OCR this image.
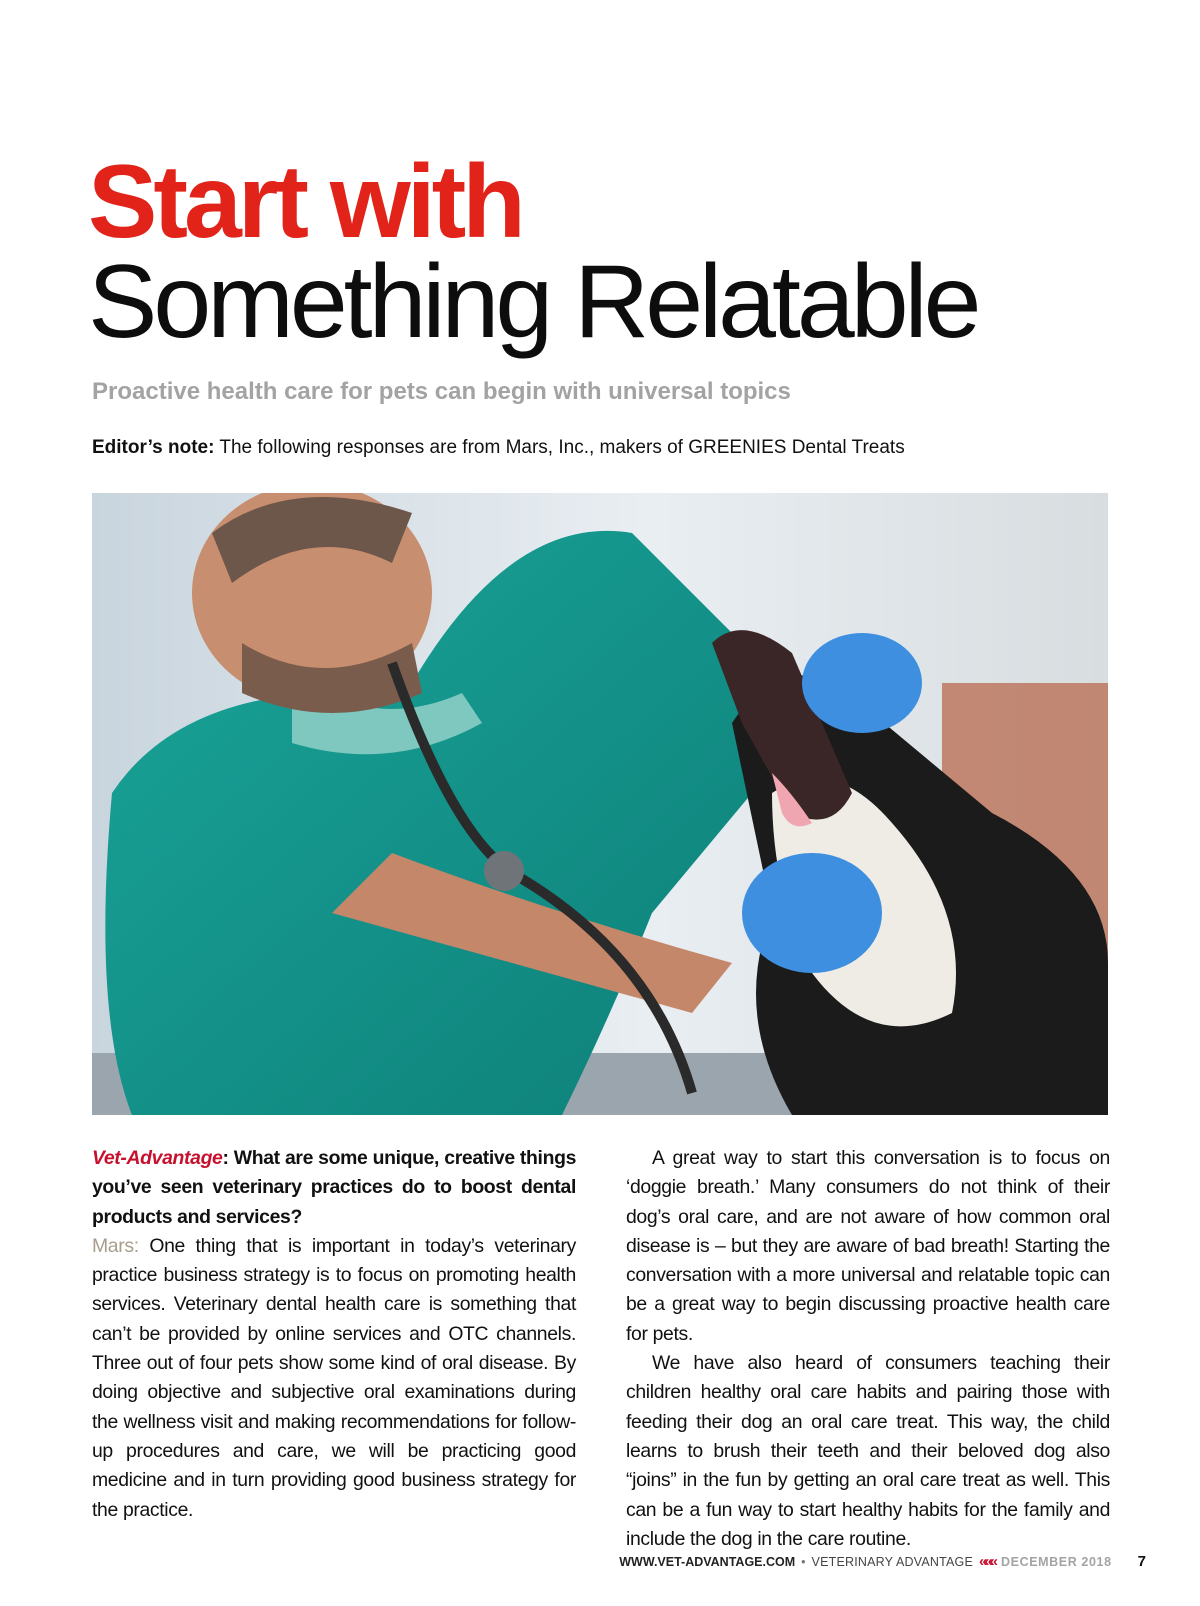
Start with
Something Relatable

Proactive health care for pets can begin with universal topics

Editor’s note: The following responses are from Mars, Inc., makers of GREENIES Dental Treats

Vet-Advantage: What are some unique, creative things you’ve seen veterinary practices do to boost dental products and services?

Mars: One thing that is important in today’s veterinary practice business strategy is to focus on promoting health services. Veterinary dental health care is something that can’t be provided by online services and OTC channels. Three out of four pets show some kind of oral disease. By doing objective and subjective oral examinations during the wellness visit and making recommendations for follow-up procedures and care, we will be practicing good medicine and in turn providing good business strategy for the practice.

A great way to start this conversation is to focus on ‘doggie breath.’ Many consumers do not think of their dog’s oral care, and are not aware of how common oral disease is – but they are aware of bad breath! Starting the conversation with a more universal and relatable topic can be a great way to begin discussing proactive health care for pets.

We have also heard of consumers teaching their children healthy oral care habits and pairing those with feeding their dog an oral care treat. This way, the child learns to brush their teeth and their beloved dog also “joins” in the fun by getting an oral care treat as well. This can be a fun way to start healthy habits for the family and include the dog in the care routine.

WWW.VET-ADVANTAGE.COM • VETERINARY ADVANTAGE ««« DECEMBER 2018 7
